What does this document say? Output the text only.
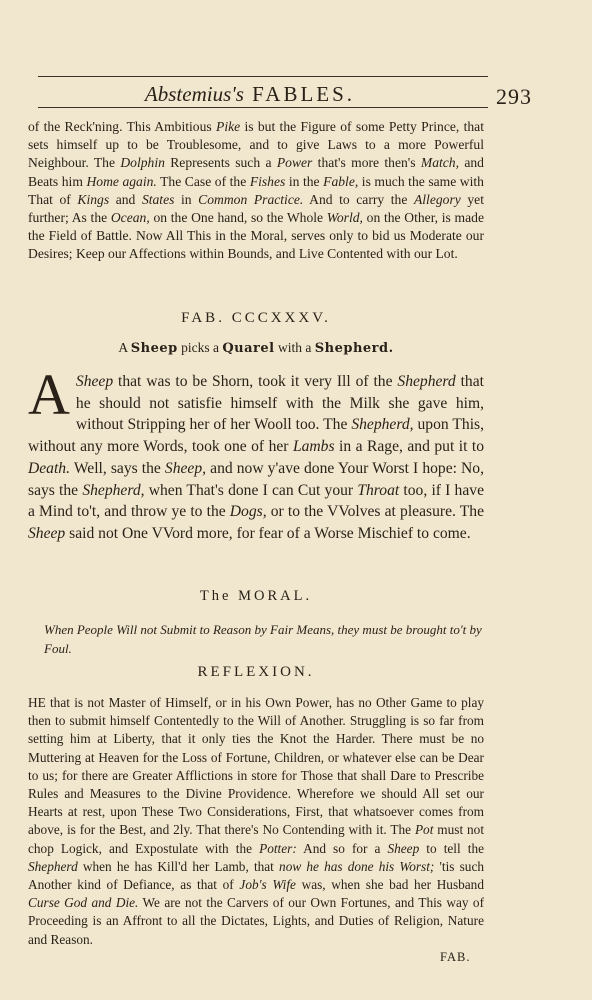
Abstemius's FABLES.	293
of the Reck'ning. This Ambitious Pike is but the Figure of some Petty Prince, that sets himself up to be Troublesome, and to give Laws to a more Powerful Neighbour. The Dolphin Represents such a Power that's more then's Match, and Beats him Home again. The Case of the Fishes in the Fable, is much the same with That of Kings and States in Common Practice. And to carry the Allegory yet further; As the Ocean, on the One hand, so the Whole World, on the Other, is made the Field of Battle. Now All This in the Moral, serves only to bid us Moderate our Desires; Keep our Affections within Bounds, and Live Contented with our Lot.
FAB. CCCXXXV.
A Sheep picks a Quarel with a Shepherd.
A Sheep that was to be Shorn, took it very Ill of the Shepherd that he should not satisfie himself with the Milk she gave him, without Stripping her of her Wooll too. The Shepherd, upon This, without any more Words, took one of her Lambs in a Rage, and put it to Death. Well, says the Sheep, and now y'ave done Your Worst I hope: No, says the Shepherd, when That's done I can Cut your Throat too, if I have a Mind to't, and throw ye to the Dogs, or to the VVolves at pleasure. The Sheep said not One VVord more, for fear of a Worse Mischief to come.
The MORAL.
When People Will not Submit to Reason by Fair Means, they must be brought to't by Foul.
REFLEXION.
HE that is not Master of Himself, or in his Own Power, has no Other Game to play then to submit himself Contentedly to the Will of Another. Struggling is so far from setting him at Liberty, that it only ties the Knot the Harder. There must be no Muttering at Heaven for the Loss of Fortune, Children, or whatever else can be Dear to us; for there are Greater Afflictions in store for Those that shall Dare to Prescribe Rules and Measures to the Divine Providence. Wherefore we should All set our Hearts at rest, upon These Two Considerations, First, that whatsoever comes from above, is for the Best, and 2ly. That there's No Contending with it. The Pot must not chop Logick, and Expostulate with the Potter: And so for a Sheep to tell the Shepherd when he has Kill'd her Lamb, that now he has done his Worst; 'tis such Another kind of Defiance, as that of Job's Wife was, when she bad her Husband Curse God and Die. We are not the Carvers of our Own Fortunes, and This way of Proceeding is an Affront to all the Dictates, Lights, and Duties of Religion, Nature and Reason.
FAB.
